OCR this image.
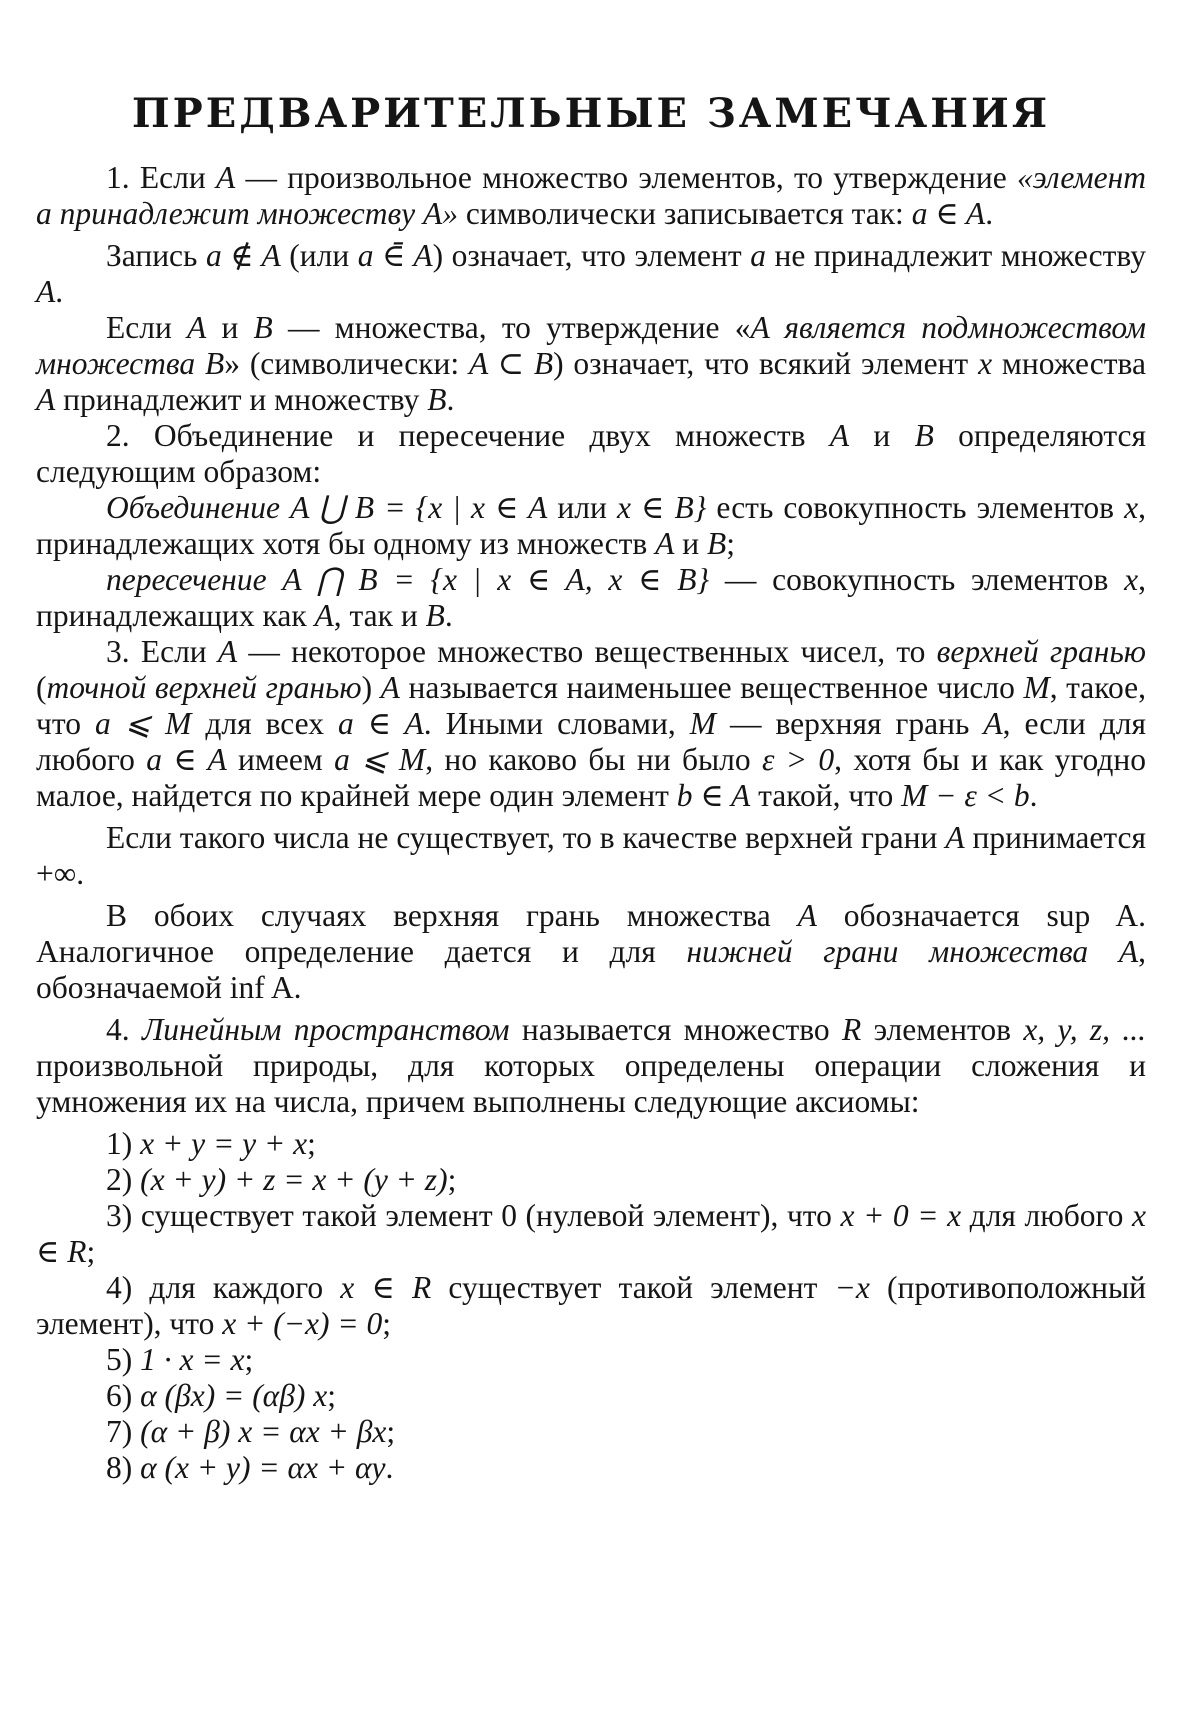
ПРЕДВАРИТЕЛЬНЫЕ ЗАМЕЧАНИЯ

1. Если A — произвольное множество элементов, то утверждение «элемент a принадлежит множеству A» символически записывается так: a ∈ A.

Запись a ∉ A (или a ∈̄ A) означает, что элемент a не принадлежит множеству A.

Если A и B — множества, то утверждение «A является подмножеством множества B» (символически: A ⊂ B) означает, что всякий элемент x множества A принадлежит и множеству B.

2. Объединение и пересечение двух множеств A и B определяются следующим образом:

Объединение A ⋃ B = {x | x ∈ A или x ∈ B} есть совокупность элементов x, принадлежащих хотя бы одному из множеств A и B;

пересечение A ⋂ B = {x | x ∈ A, x ∈ B} — совокупность элементов x, принадлежащих как A, так и B.

3. Если A — некоторое множество вещественных чисел, то верхней гранью (точной верхней гранью) A называется наименьшее вещественное число M, такое, что a ⩽ M для всех a ∈ A. Иными словами, M — верхняя грань A, если для любого a ∈ A имеем a ⩽ M, но каково бы ни было ε > 0, хотя бы и как угодно малое, найдется по крайней мере один элемент b ∈ A такой, что M − ε < b.

Если такого числа не существует, то в качестве верхней грани A принимается +∞.

В обоих случаях верхняя грань множества A обозначается sup A. Аналогичное определение дается и для нижней грани множества A, обозначаемой inf A.

4. Линейным пространством называется множество R элементов x, y, z, ... произвольной природы, для которых определены операции сложения и умножения их на числа, причем выполнены следующие аксиомы:

1) x + y = y + x;

2) (x + y) + z = x + (y + z);

3) существует такой элемент 0 (нулевой элемент), что x + 0 = x для любого x ∈ R;

4) для каждого x ∈ R существует такой элемент −x (противоположный элемент), что x + (−x) = 0;

5) 1 · x = x;

6) α (βx) = (αβ) x;

7) (α + β) x = αx + βx;

8) α (x + y) = αx + αy.
